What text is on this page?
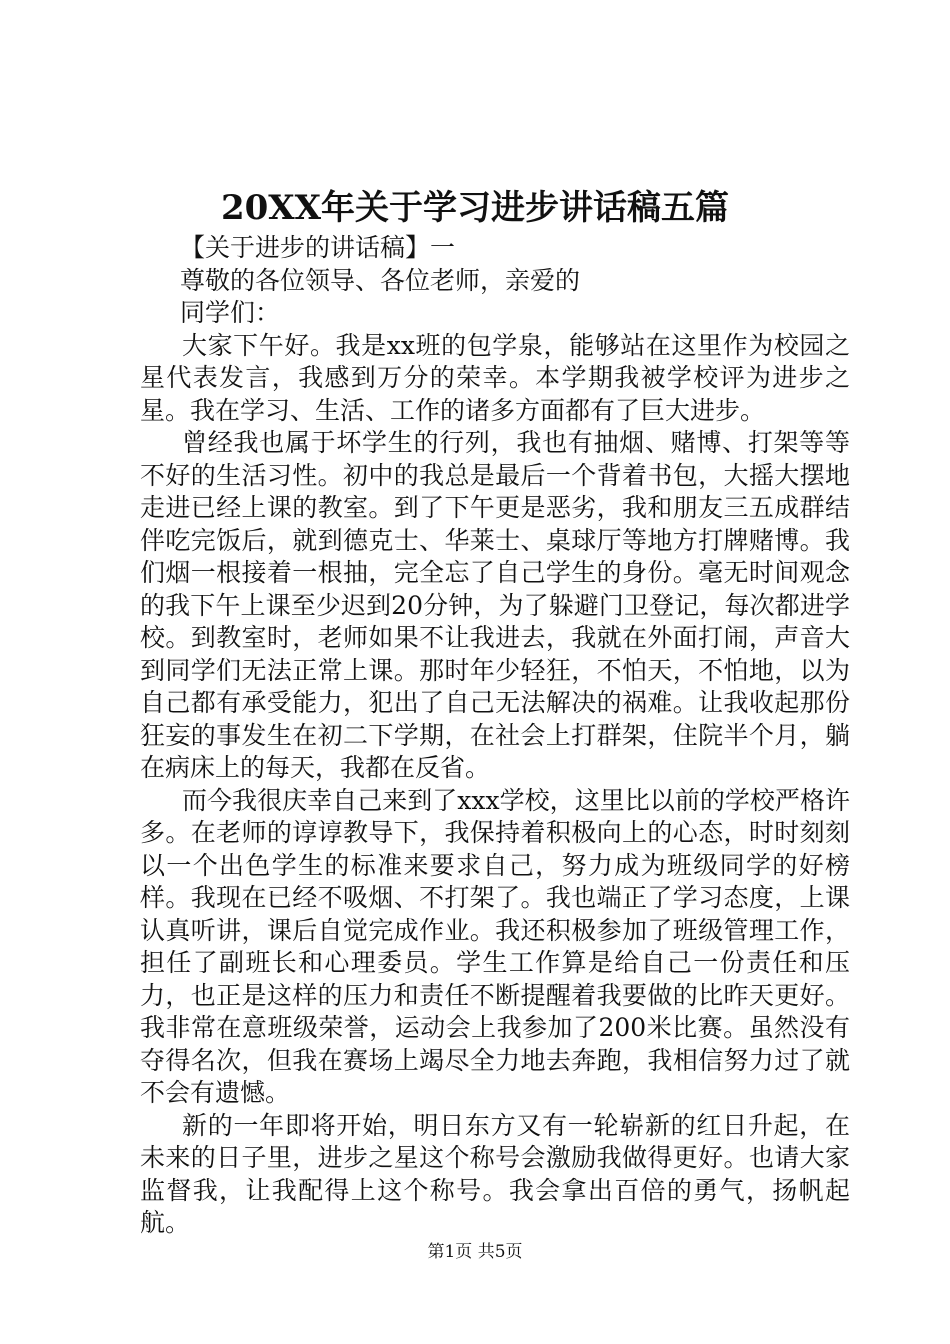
20XX年关于学习进步讲话稿五篇
【关于进步的讲话稿】一
尊敬的各位领导、各位老师，亲爱的
同学们：

大家下午好。我是xx班的包学泉，能够站在这里作为校园之星代表发言，我感到万分的荣幸。本学期我被学校评为进步之星。我在学习、生活、工作的诸多方面都有了巨大进步。

曾经我也属于坏学生的行列，我也有抽烟、赌博、打架等等不好的生活习性。初中的我总是最后一个背着书包，大摇大摆地走进已经上课的教室。到了下午更是恶劣，我和朋友三五成群结伴吃完饭后，就到德克士、华莱士、桌球厅等地方打牌赌博。我们烟一根接着一根抽，完全忘了自己学生的身份。毫无时间观念的我下午上课至少迟到20分钟，为了躲避门卫登记，每次都进学校。到教室时，老师如果不让我进去，我就在外面打闹，声音大到同学们无法正常上课。那时年少轻狂，不怕天，不怕地，以为自己都有承受能力，犯出了自己无法解决的祸难。让我收起那份狂妄的事发生在初二下学期，在社会上打群架，住院半个月，躺在病床上的每天，我都在反省。

而今我很庆幸自己来到了xxx学校，这里比以前的学校严格许多。在老师的谆谆教导下，我保持着积极向上的心态，时时刻刻以一个出色学生的标准来要求自己，努力成为班级同学的好榜样。我现在已经不吸烟、不打架了。我也端正了学习态度，上课认真听讲，课后自觉完成作业。我还积极参加了班级管理工作，担任了副班长和心理委员。学生工作算是给自己一份责任和压力，也正是这样的压力和责任不断提醒着我要做的比昨天更好。我非常在意班级荣誉，运动会上我参加了200米比赛。虽然没有夺得名次，但我在赛场上竭尽全力地去奔跑，我相信努力过了就不会有遗憾。

新的一年即将开始，明日东方又有一轮崭新的红日升起，在未来的日子里，进步之星这个称号会激励我做得更好。也请大家监督我，让我配得上这个称号。我会拿出百倍的勇气，扬帆起航。

第1页 共5页
